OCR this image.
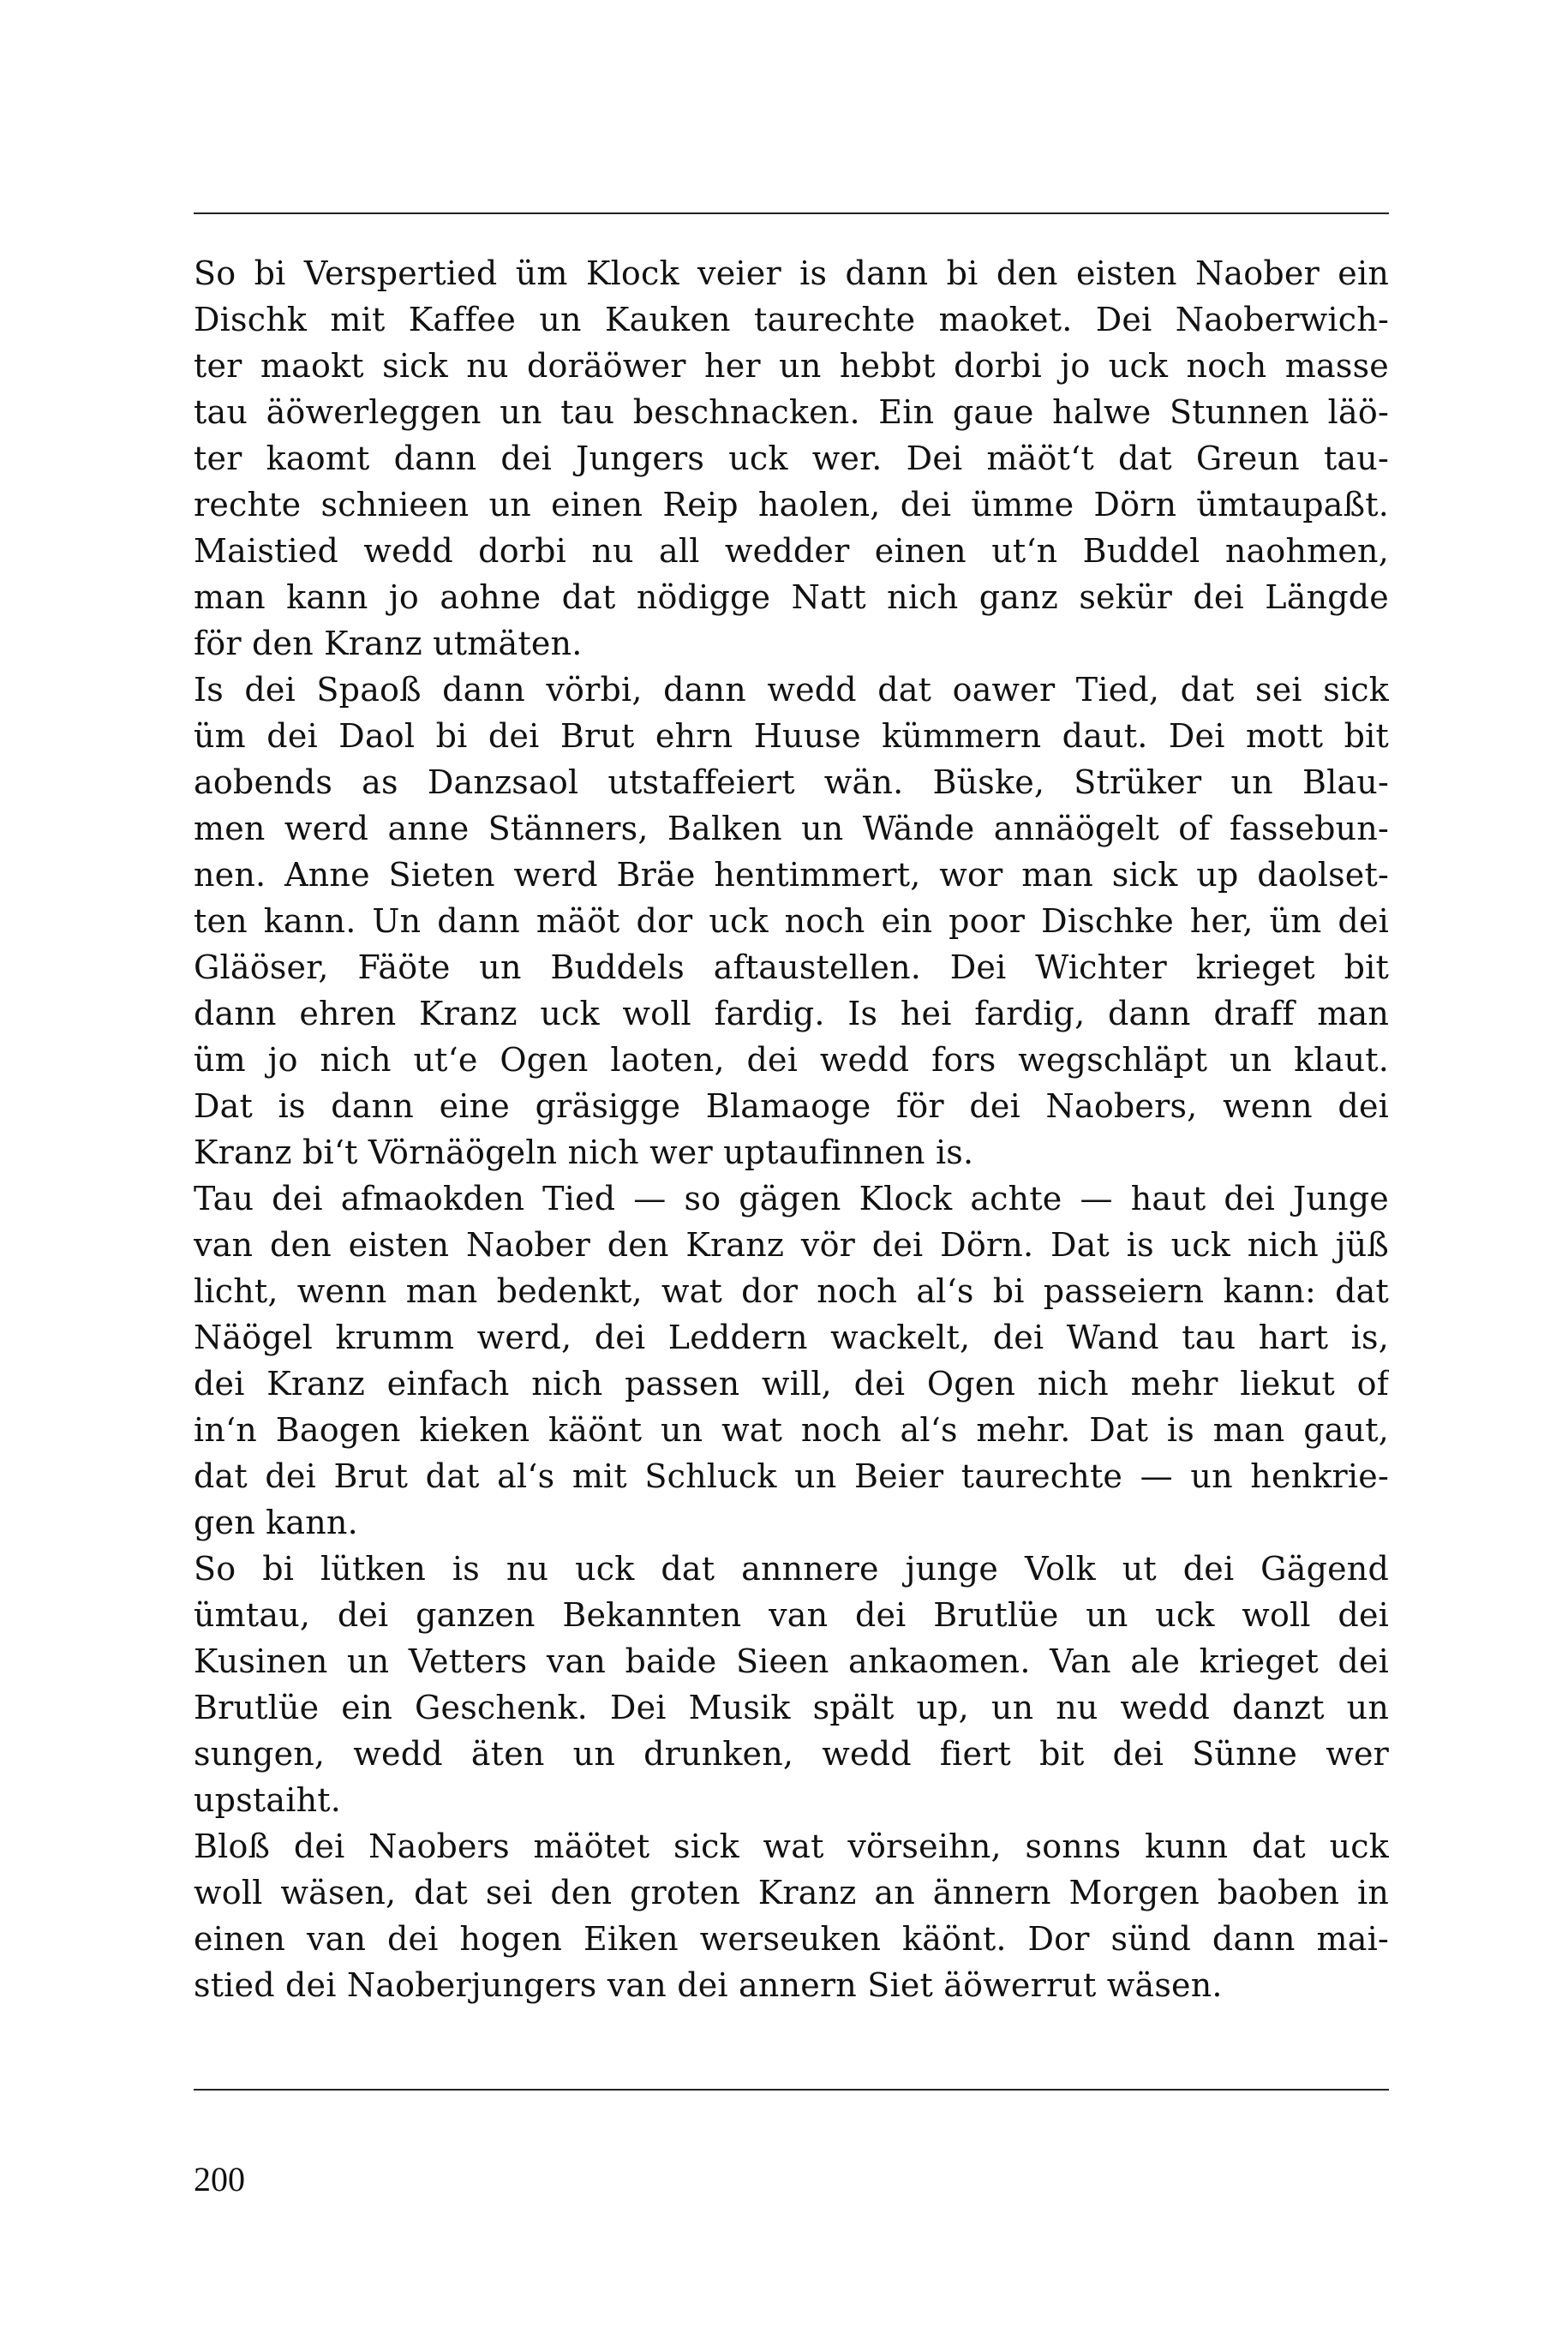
So bi Verspertied üm Klock veier is dann bi den eisten Naober ein
Dischk mit Kaffee un Kauken taurechte maoket. Dei Naoberwich-
ter maokt sick nu doräöwer her un hebbt dorbi jo uck noch masse
tau äöwerleggen un tau beschnacken. Ein gaue halwe Stunnen läö-
ter kaomt dann dei Jungers uck wer. Dei mäöt‘t dat Greun tau-
rechte schnieen un einen Reip haolen, dei ümme Dörn ümtaupaßt.
Maistied wedd dorbi nu all wedder einen ut‘n Buddel naohmen,
man kann jo aohne dat nödigge Natt nich ganz sekür dei Längde
för den Kranz utmäten.
Is dei Spaoß dann vörbi, dann wedd dat oawer Tied, dat sei sick
üm dei Daol bi dei Brut ehrn Huuse kümmern daut. Dei mott bit
aobends as Danzsaol utstaffeiert wän. Büske, Strüker un Blau-
men werd anne Stänners, Balken un Wände annäögelt of fassebun-
nen. Anne Sieten werd Bräe hentimmert, wor man sick up daolset-
ten kann. Un dann mäöt dor uck noch ein poor Dischke her, üm dei
Gläöser, Fäöte un Buddels aftaustellen. Dei Wichter krieget bit
dann ehren Kranz uck woll fardig. Is hei fardig, dann draff man
üm jo nich ut‘e Ogen laoten, dei wedd fors wegschläpt un klaut.
Dat is dann eine gräsigge Blamaoge för dei Naobers, wenn dei
Kranz bi‘t Vörnäögeln nich wer uptaufinnen is.
Tau dei afmaokden Tied — so gägen Klock achte — haut dei Junge
van den eisten Naober den Kranz vör dei Dörn. Dat is uck nich jüß
licht, wenn man bedenkt, wat dor noch al‘s bi passeiern kann: dat
Näögel krumm werd, dei Leddern wackelt, dei Wand tau hart is,
dei Kranz einfach nich passen will, dei Ogen nich mehr liekut of
in‘n Baogen kieken käönt un wat noch al‘s mehr. Dat is man gaut,
dat dei Brut dat al‘s mit Schluck un Beier taurechte — un henkrie-
gen kann.
So bi lütken is nu uck dat annnere junge Volk ut dei Gägend
ümtau, dei ganzen Bekannten van dei Brutlüe un uck woll dei
Kusinen un Vetters van baide Sieen ankaomen. Van ale krieget dei
Brutlüe ein Geschenk. Dei Musik spält up, un nu wedd danzt un
sungen, wedd äten un drunken, wedd fiert bit dei Sünne wer
upstaiht.
Bloß dei Naobers mäötet sick wat vörseihn, sonns kunn dat uck
woll wäsen, dat sei den groten Kranz an ännern Morgen baoben in
einen van dei hogen Eiken werseuken käönt. Dor sünd dann mai-
stied dei Naoberjungers van dei annern Siet äöwerrut wäsen.
200
